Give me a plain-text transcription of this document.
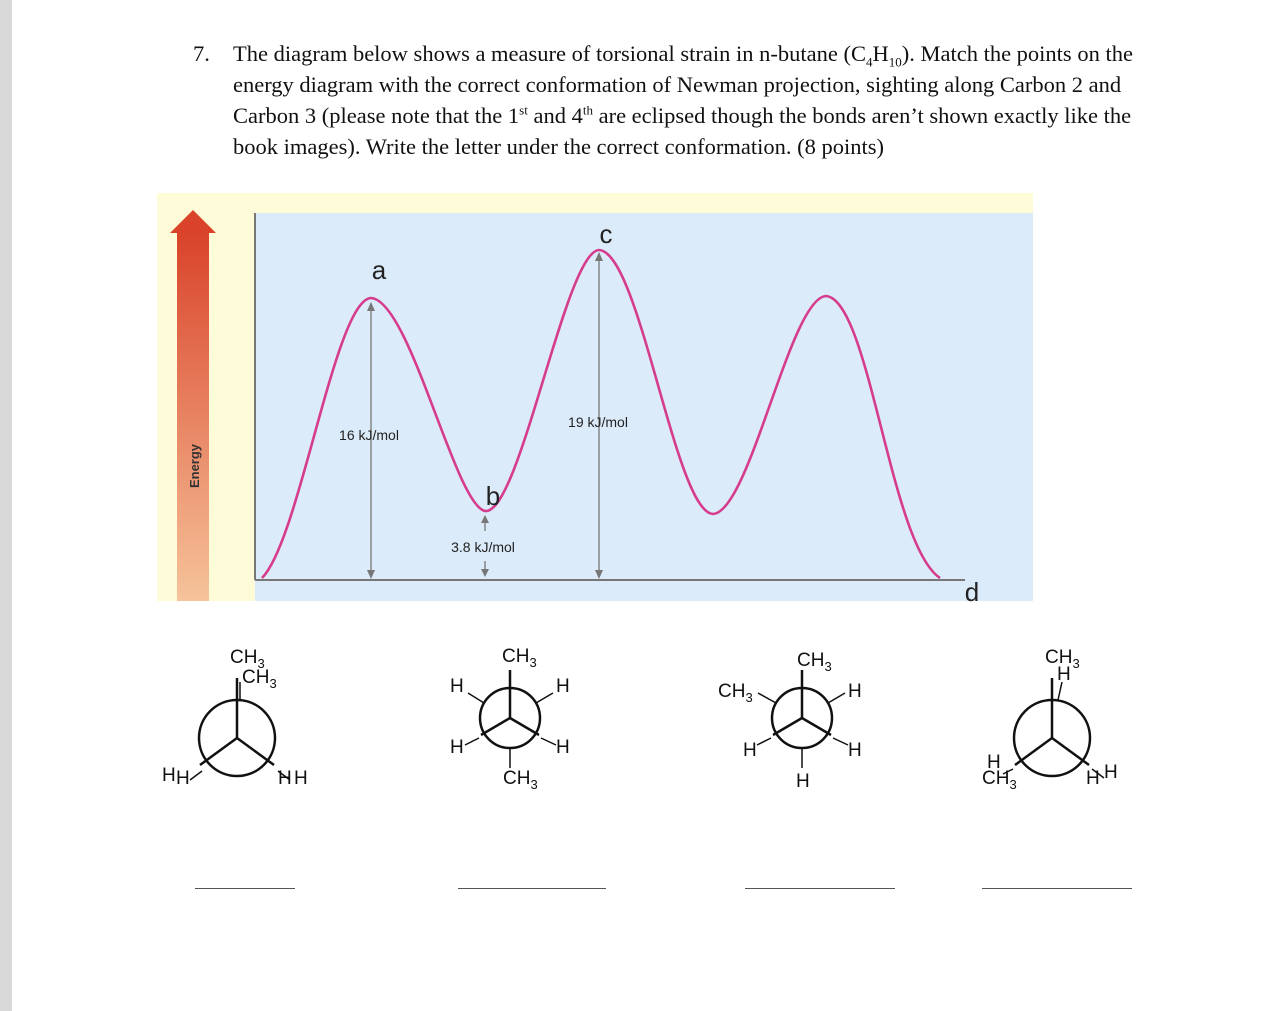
7. The diagram below shows a measure of torsional strain in n-butane $(C_4H_{10})$. Match the points on the energy diagram with the correct conformation of Newman projection, sighting along Carbon 2 and Carbon 3 (please note that the 1st and 4th are eclipsed though the bonds aren’t shown exactly like the book images). Write the letter under the correct conformation. (8 points)
Energy
a
b
c
d
16 kJ/mol
3.8 kJ/mol
19 kJ/mol
$CH_3$
$CH_3$
H H	H H
$CH_3$
H	H
H	H
$CH_3$
$CH_3$
$CH_3$	H
H	H
H
$CH_3$
H
H
$CH_3$	H H
